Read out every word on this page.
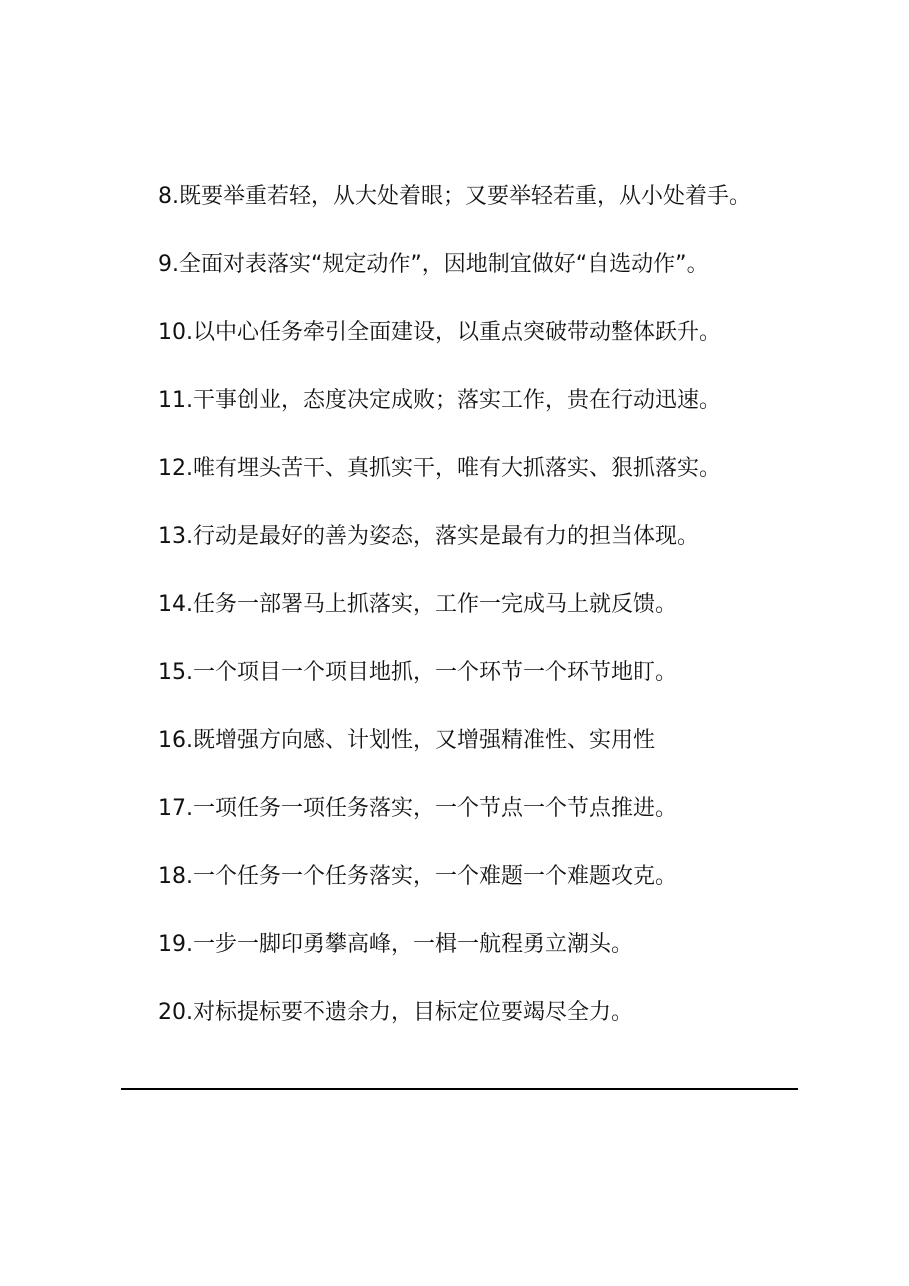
8.既要举重若轻，从大处着眼；又要举轻若重，从小处着手。

9.全面对表落实“规定动作”，因地制宜做好“自选动作”。

10.以中心任务牵引全面建设，以重点突破带动整体跃升。

11.干事创业，态度决定成败；落实工作，贵在行动迅速。

12.唯有埋头苦干、真抓实干，唯有大抓落实、狠抓落实。

13.行动是最好的善为姿态，落实是最有力的担当体现。

14.任务一部署马上抓落实，工作一完成马上就反馈。

15.一个项目一个项目地抓，一个环节一个环节地盯。

16.既增强方向感、计划性，又增强精准性、实用性

17.一项任务一项任务落实，一个节点一个节点推进。

18.一个任务一个任务落实，一个难题一个难题攻克。

19.一步一脚印勇攀高峰，一楫一航程勇立潮头。

20.对标提标要不遗余力，目标定位要竭尽全力。
